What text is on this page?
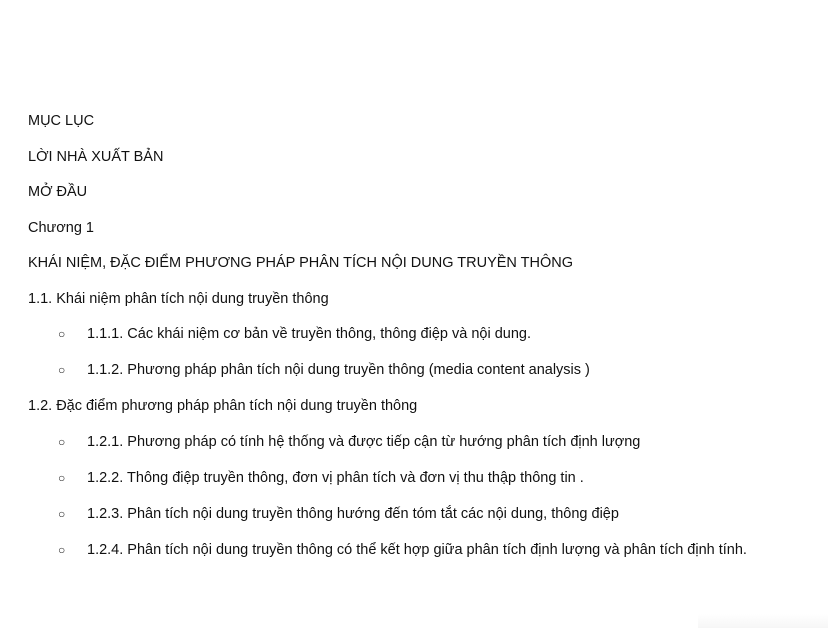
MỤC LỤC
LỜI NHÀ XUẤT BẢN
MỞ ĐẦU
Chương 1
KHÁI NIỆM, ĐẶC ĐIỂM PHƯƠNG PHÁP PHÂN TÍCH NỘI DUNG TRUYỀN THÔNG
1.1. Khái niệm phân tích nội dung truyền thông
○ 1.1.1. Các khái niệm cơ bản về truyền thông, thông điệp và nội dung.
○ 1.1.2. Phương pháp phân tích nội dung truyền thông (media content analysis )
1.2. Đặc điểm phương pháp phân tích nội dung truyền thông
○ 1.2.1. Phương pháp có tính hệ thống và được tiếp cận từ hướng phân tích định lượng
○ 1.2.2. Thông điệp truyền thông, đơn vị phân tích và đơn vị thu thập thông tin .
○ 1.2.3. Phân tích nội dung truyền thông hướng đến tóm tắt các nội dung, thông điệp
○ 1.2.4. Phân tích nội dung truyền thông có thể kết hợp giữa phân tích định lượng và phân tích định tính.
